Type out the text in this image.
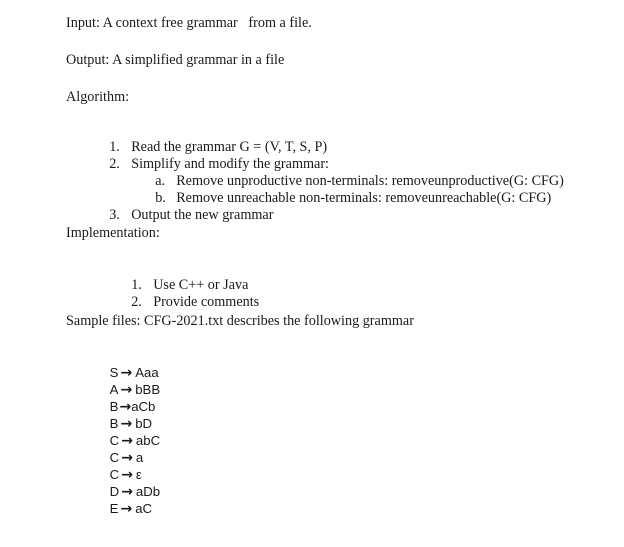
Input: A context free grammar   from a file.
Output: A simplified grammar in a file
Algorithm:

1. Read the grammar G = (V, T, S, P)

2. Simplify and modify the grammar:

a. Remove unproductive non-terminals: removeunproductive(G: CFG)

b. Remove unreachable non-terminals: removeunreachable(G: CFG)

3. Output the new grammar

Implementation:

1. Use C++ or Java

2. Provide comments

Sample files: CFG-2021.txt describes the following grammar

S → Aaa

A → bBB

B→aCb

B → bD

C → abC

C → a

C → ε

D → aDb

E → aC
